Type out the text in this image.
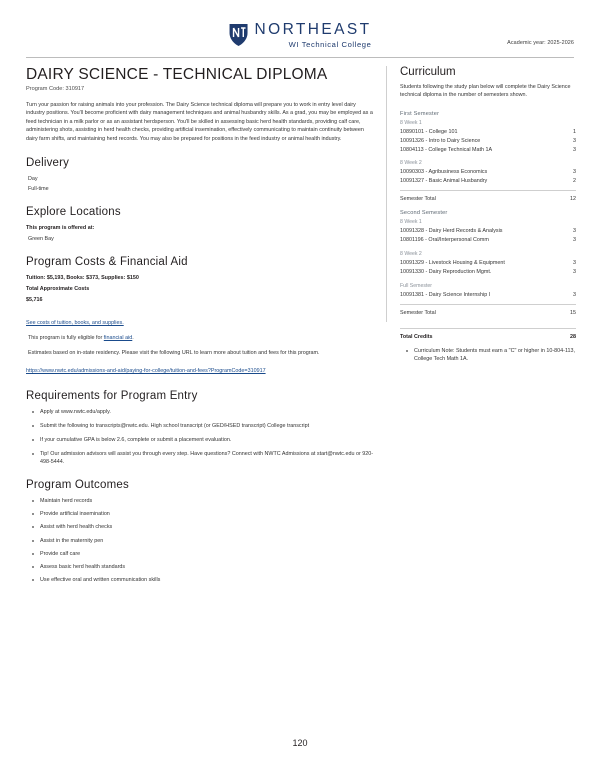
NORTHEAST
WI Technical College	Academic year: 2025-2026
DAIRY SCIENCE - TECHNICAL DIPLOMA

Program Code: 310917

Turn your passion for raising animals into your profession. The Dairy Science technical diploma will prepare you to work in entry level dairy industry positions. You'll become proficient with dairy management techniques and animal husbandry skills. As a grad, you may be employed as a feed technician in a milk parlor or as an assistant herdsperson. You'll be skilled in assessing basic herd health standards, providing calf care, administering shots, assisting in herd health checks, providing artificial insemination, effectively communicating to maintain continuity between dairy farm shifts, and maintaining herd records. You may also be prepared for positions in the feed industry or animal health industry.

Delivery
Day
Full-time
Explore Locations
This program is offered at:
Green Bay
Program Costs & Financial Aid
Tuition: $5,193, Books: $373, Supplies: $150
Total Approximate Costs
$5,716
See costs of tuition, books, and supplies.
This program is fully eligible for financial aid.
Estimates based on in-state residency. Please visit the following URL to learn more about tuition and fees for this program.
https://www.nwtc.edu/admissions-and-aid/paying-for-college/tuition-and-fees?ProgramCode=310917
Requirements for Program Entry
Apply at www.nwtc.edu/apply.
Submit the following to transcripts@nwtc.edu. High school transcript (or GED/HSED transcript) College transcript
If your cumulative GPA is below 2.6, complete or submit a placement evaluation.
Tip! Our admission advisors will assist you through every step. Have questions? Connect with NWTC Admissions at start@nwtc.edu or 920-498-5444.
Program Outcomes
Maintain herd records
Provide artificial insemination
Assist with herd health checks
Assist in the maternity pen
Provide calf care
Assess basic herd health standards
Use effective oral and written communication skills
Curriculum

Students following the study plan below will complete the Dairy Science technical diploma in the number of semesters shown.

First Semester
8 Week 1
10890101 - College 101	1
10091326 - Intro to Dairy Science	3
10804113 - College Technical Math 1A	3
8 Week 2
10090303 - Agribusiness Economics	3
10091327 - Basic Animal Husbandry	2
Semester Total	12
Second Semester
8 Week 1
10091328 - Dairy Herd Records & Analysis	3
10801196 - Oral/Interpersonal Comm	3
8 Week 2
10091329 - Livestock Housing & Equipment	3
10091330 - Dairy Reproduction Mgmt.	3
Full Semester
10091381 - Dairy Science Internship I	3
Semester Total	15
Total Credits	28
Curriculum Note: Students must earn a "C" or higher in 10-804-113, College Tech Math 1A.
120
